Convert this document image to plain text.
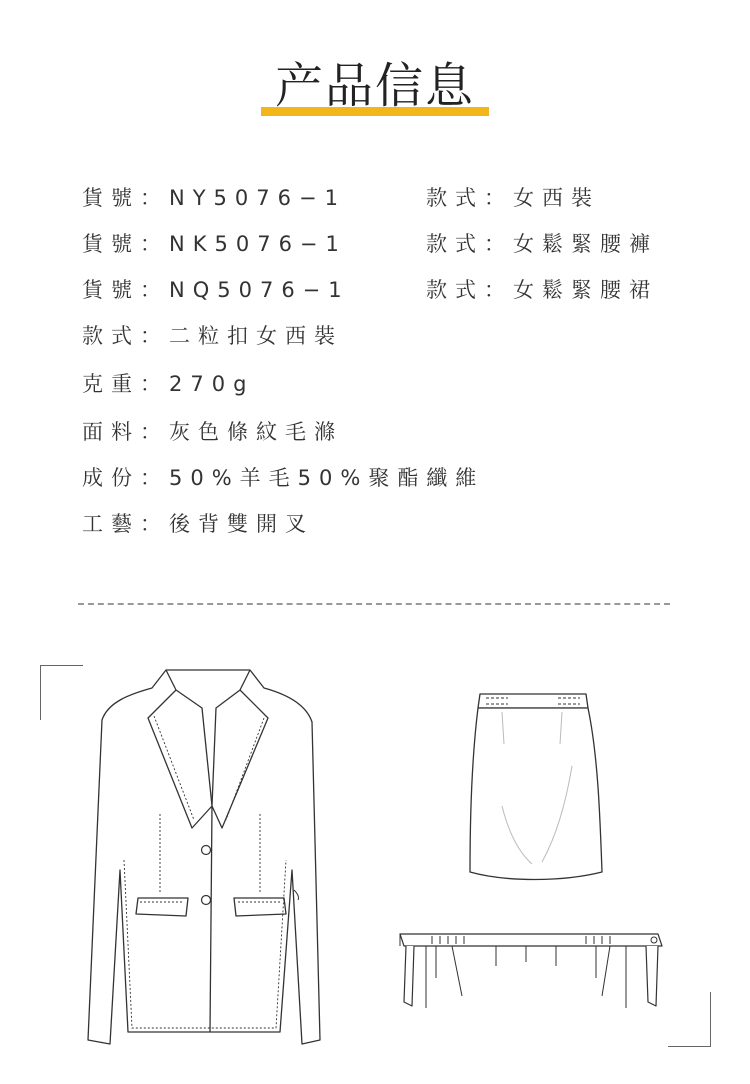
产品信息
貨號：NY5076−1	款式：女西裝
貨號：NK5076−1	款式：女鬆緊腰褲
貨號：NQ5076−1	款式：女鬆緊腰裙
款式：二粒扣女西裝
克重：270g
面料：灰色條紋毛滌
成份：50%羊毛50%聚酯纖維
工藝：後背雙開叉
